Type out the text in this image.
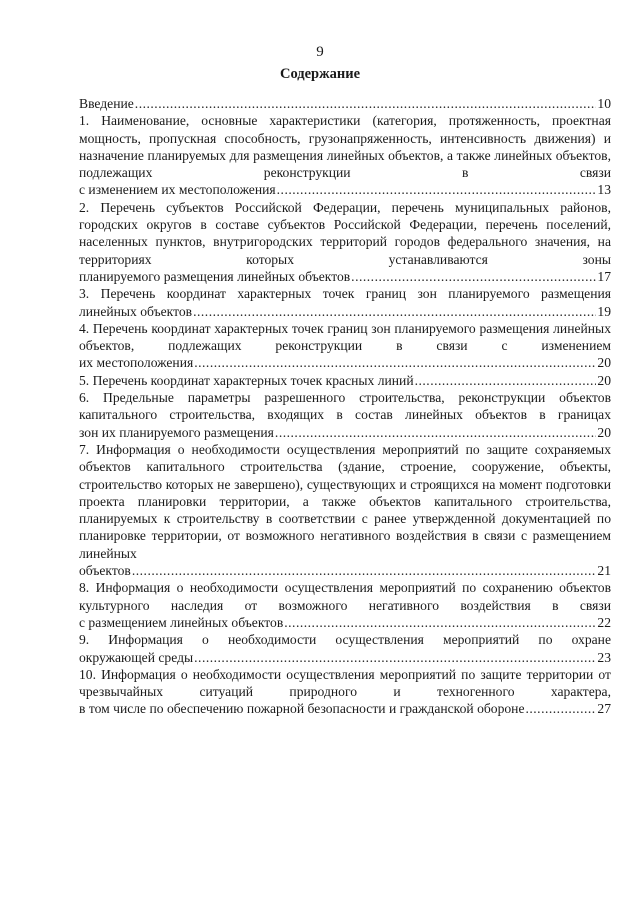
9
Содержание
Введение .....	10
1. Наименование, основные характеристики (категория, протяженность, проектная мощность, пропускная способность, грузонапряженность, интенсивность движения) и назначение планируемых для размещения линейных объектов, а также линейных объектов, подлежащих реконструкции в связи
с изменением их местоположения .....	13
2. Перечень субъектов Российской Федерации, перечень муниципальных районов, городских округов в составе субъектов Российской Федерации, перечень поселений, населенных пунктов, внутригородских территорий городов федерального значения, на территориях которых устанавливаются зоны
планируемого размещения линейных объектов .....	17
3. Перечень координат характерных точек границ зон планируемого размещения
линейных объектов .....	19
4. Перечень координат характерных точек границ зон планируемого размещения линейных объектов, подлежащих реконструкции в связи с изменением
их местоположения .....	20
5. Перечень координат характерных точек красных линий .....	20
6. Предельные параметры разрешенного строительства, реконструкции объектов капитального строительства, входящих в состав линейных объектов в границах
зон их планируемого размещения .....	20
7. Информация о необходимости осуществления мероприятий по защите сохраняемых объектов капитального строительства (здание, строение, сооружение, объекты, строительство которых не завершено), существующих и строящихся на момент подготовки проекта планировки территории, а также объектов капитального строительства, планируемых к строительству в соответствии с ранее утвержденной документацией по планировке территории, от возможного негативного воздействия в связи с размещением линейных
объектов .....	21
8. Информация о необходимости осуществления мероприятий по сохранению объектов культурного наследия от возможного негативного воздействия в связи
с размещением линейных объектов .....	22
9. Информация о необходимости осуществления мероприятий по охране
окружающей среды .....	23
10. Информация о необходимости осуществления мероприятий по защите территории от чрезвычайных ситуаций природного и техногенного характера,
в том числе по обеспечению пожарной безопасности и гражданской обороне .....	27
